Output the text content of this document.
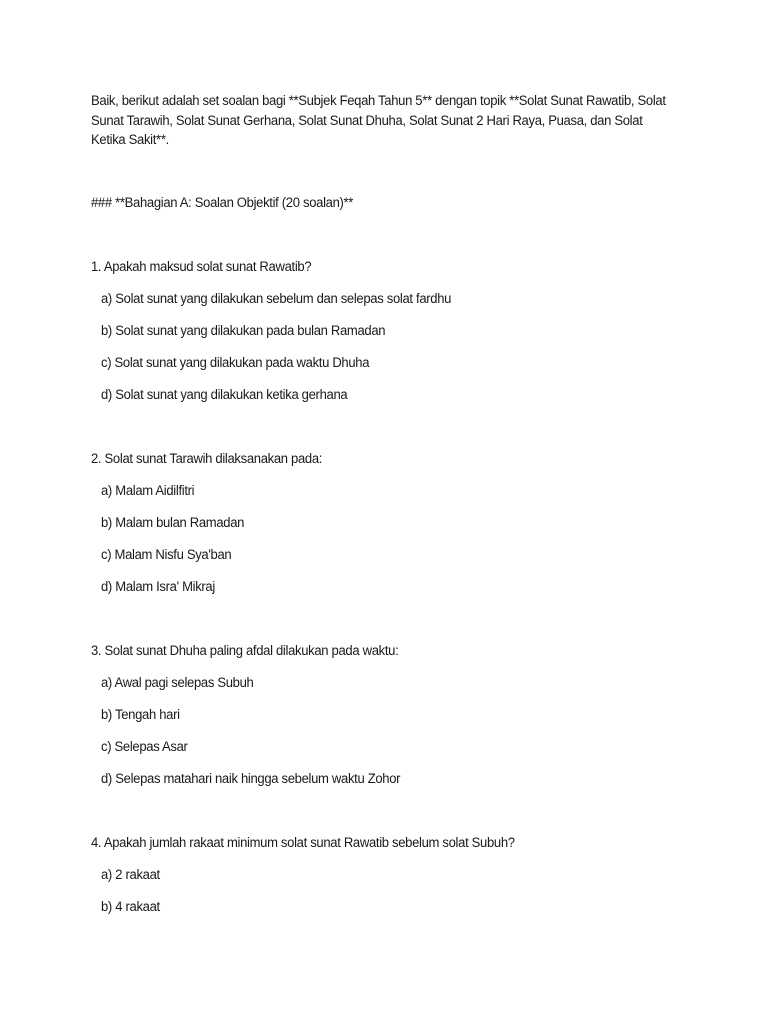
Baik, berikut adalah set soalan bagi **Subjek Feqah Tahun 5** dengan topik **Solat Sunat Rawatib, Solat
Sunat Tarawih, Solat Sunat Gerhana, Solat Sunat Dhuha, Solat Sunat 2 Hari Raya, Puasa, dan Solat
Ketika Sakit**.
### **Bahagian A: Soalan Objektif (20 soalan)**
1. Apakah maksud solat sunat Rawatib?
a) Solat sunat yang dilakukan sebelum dan selepas solat fardhu
b) Solat sunat yang dilakukan pada bulan Ramadan
c) Solat sunat yang dilakukan pada waktu Dhuha
d) Solat sunat yang dilakukan ketika gerhana
2. Solat sunat Tarawih dilaksanakan pada:
a) Malam Aidilfitri
b) Malam bulan Ramadan
c) Malam Nisfu Sya'ban
d) Malam Isra' Mikraj
3. Solat sunat Dhuha paling afdal dilakukan pada waktu:
a) Awal pagi selepas Subuh
b) Tengah hari
c) Selepas Asar
d) Selepas matahari naik hingga sebelum waktu Zohor
4. Apakah jumlah rakaat minimum solat sunat Rawatib sebelum solat Subuh?
a) 2 rakaat
b) 4 rakaat
